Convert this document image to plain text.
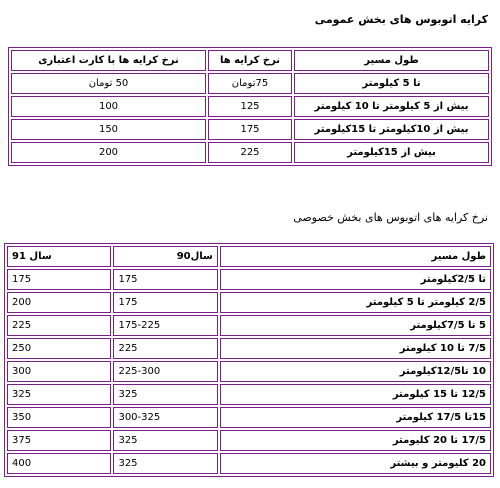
کرایه اتوبوس های بخش عمومی
طول مسیر	نرخ کرایه ها	نرخ کرایه ها با کارت اعتباری
تا 5 کیلومتر	75تومان	50 تومان
بیش از 5 کیلومتر تا 10 کیلومتر	125	100
بیش از 10کیلومتر تا 15کیلومتر	175	150
بیش از 15کیلومتر	225	200
نرخ کرایه های اتوبوس های بخش خصوصی
طول مسیر	سال90	سال 91
تا 2/5کیلومتر	175	175
2/5 کیلومتر تا 5 کیلومتر	175	200
5 تا 7/5کیلومتر	175-225	225
7/5 تا 10 کیلومتر	225	250
10 تا12/5کیلومتر	225-300	300
12/5 تا 15 کیلومتر	325	325
15تا 17/5 کیلومتر	300-325	350
17/5 تا 20 کلیومتر	325	375
20 کلیومتر و بیشتر	325	400
